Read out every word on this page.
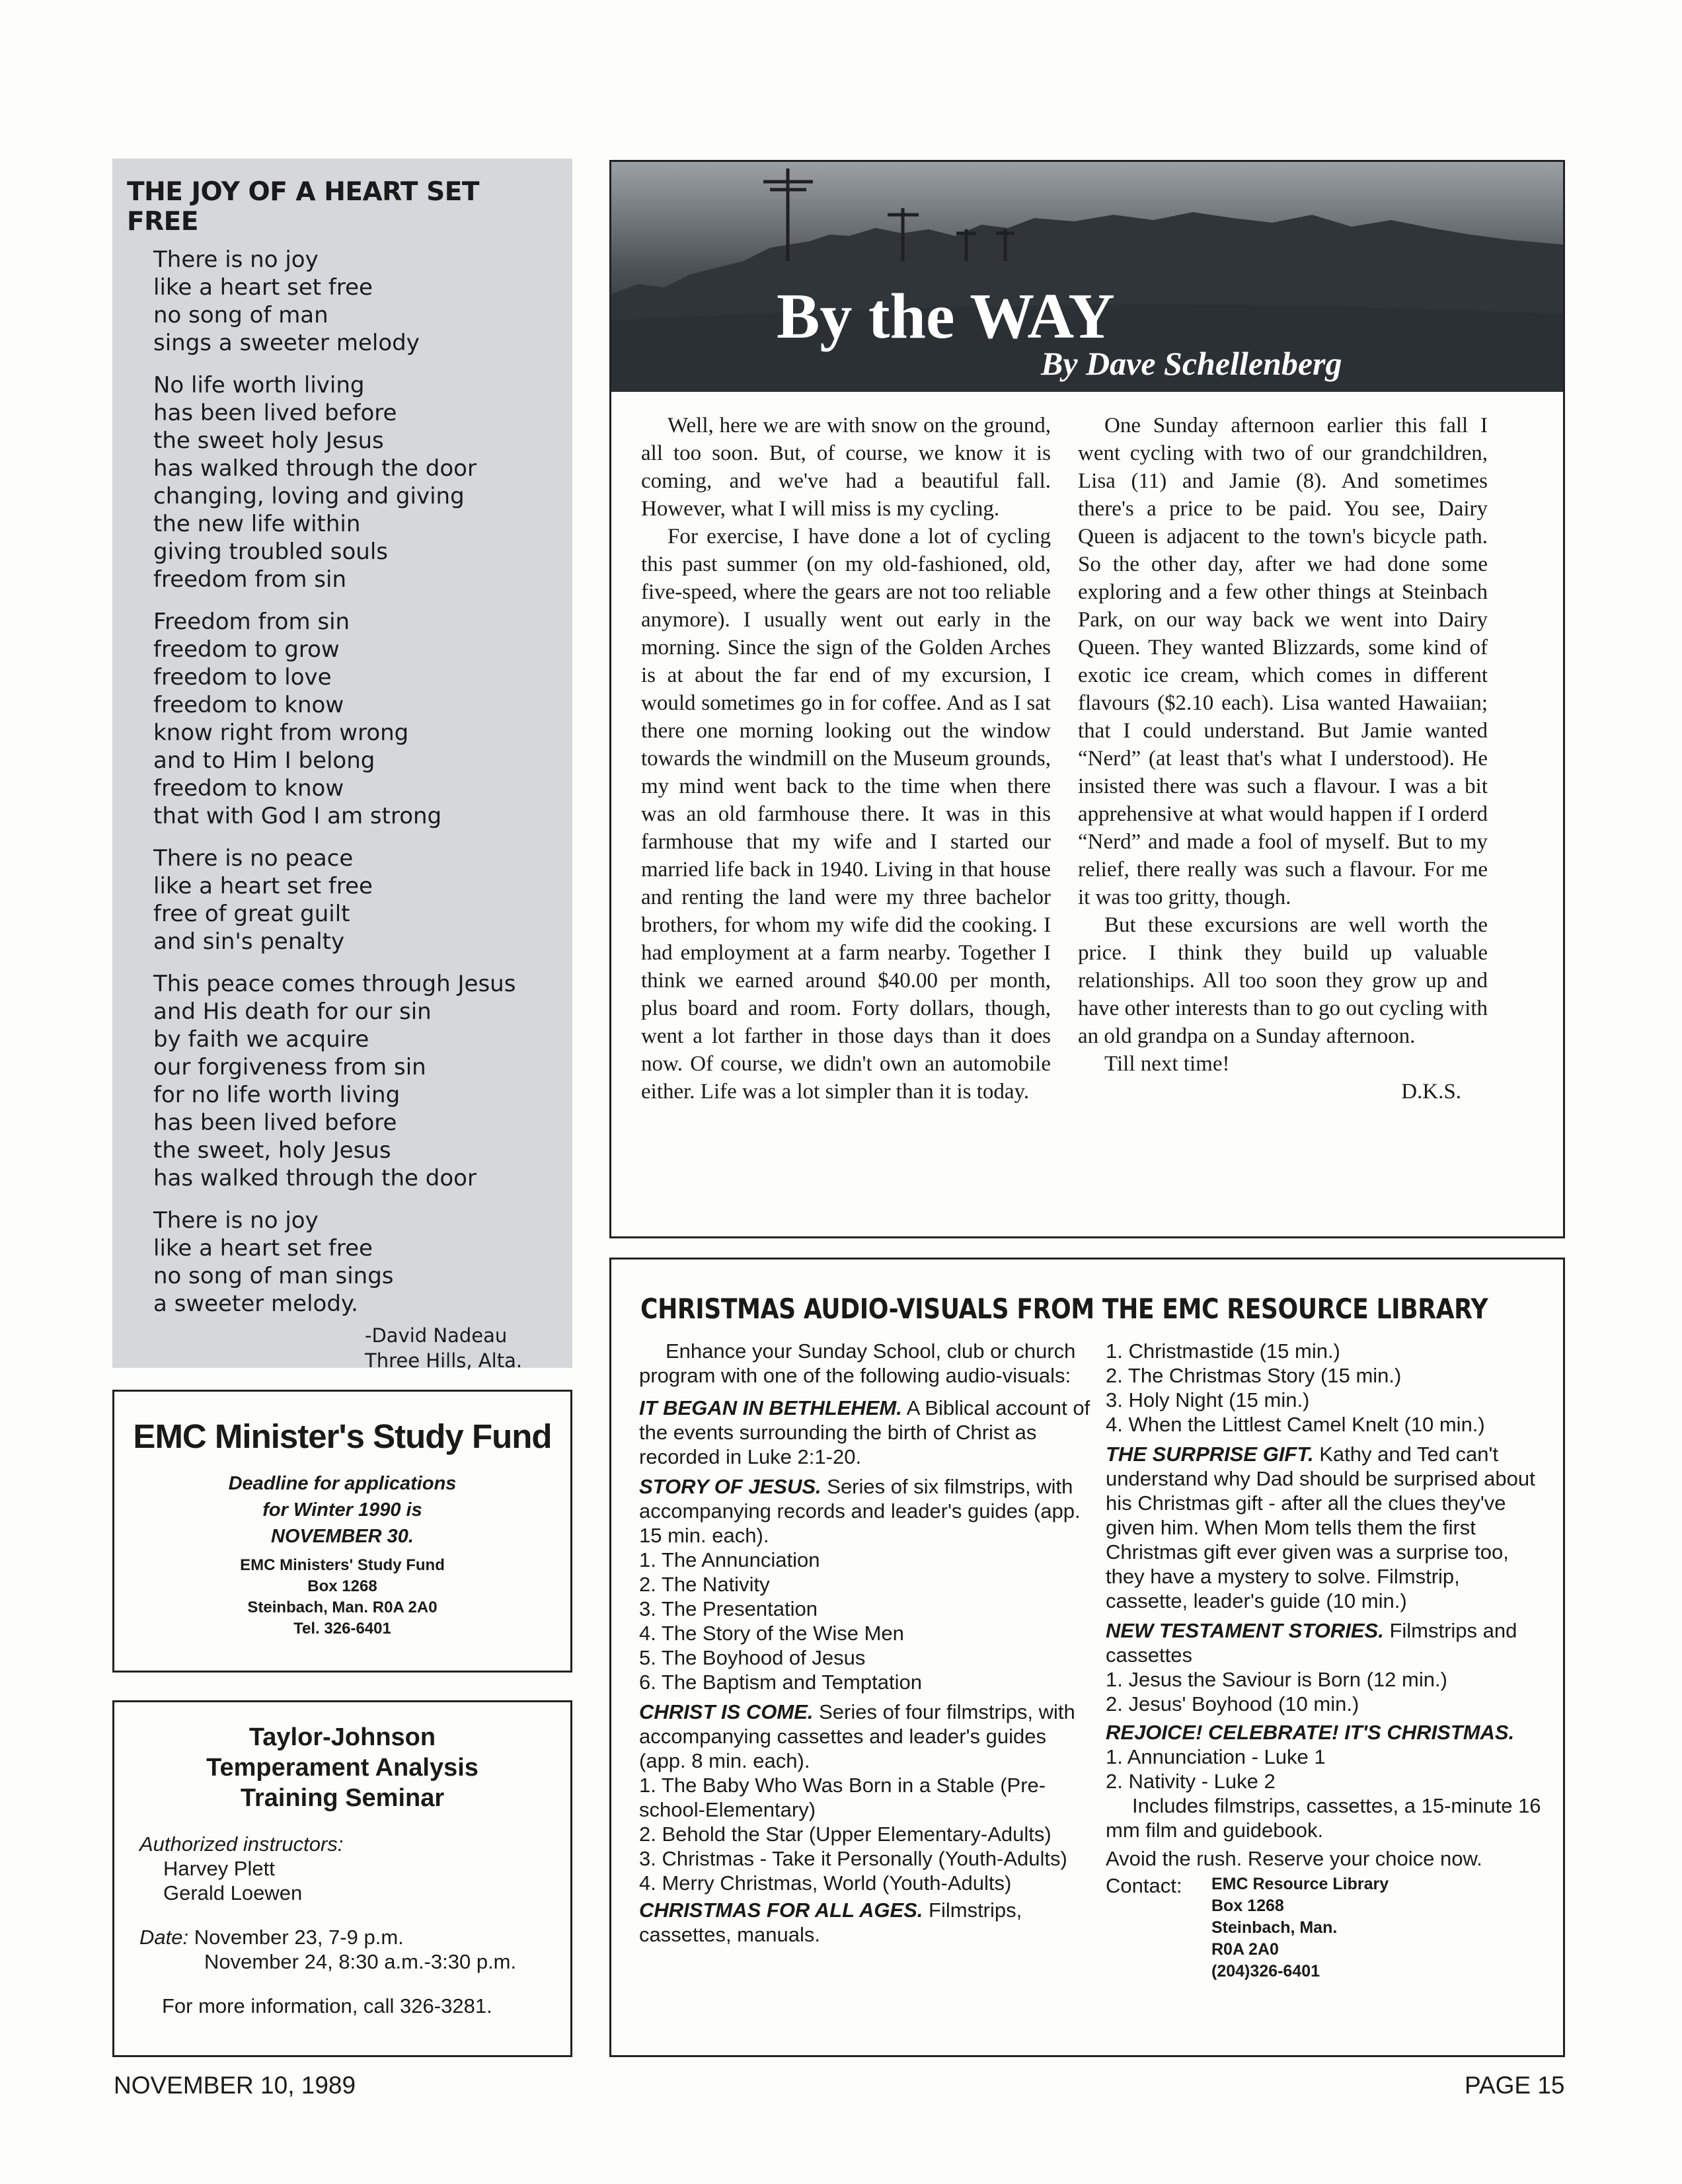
THE JOY OF A HEART SET FREE
There is no joy
like a heart set free
no song of man
sings a sweeter melody
No life worth living
has been lived before
the sweet holy Jesus
has walked through the door
changing, loving and giving
the new life within
giving troubled souls
freedom from sin
Freedom from sin
freedom to grow
freedom to love
freedom to know
know right from wrong
and to Him I belong
freedom to know
that with God I am strong
There is no peace
like a heart set free
free of great guilt
and sin's penalty
This peace comes through Jesus
and His death for our sin
by faith we acquire
our forgiveness from sin
for no life worth living
has been lived before
the sweet, holy Jesus
has walked through the door
There is no joy
like a heart set free
no song of man sings
a sweeter melody.
-David Nadeau
Three Hills, Alta.
EMC Minister's Study Fund
Deadline for applications
for Winter 1990 is
NOVEMBER 30.
EMC Ministers' Study Fund
Box 1268
Steinbach, Man. R0A 2A0
Tel. 326-6401
Taylor-Johnson
Temperament Analysis
Training Seminar
Authorized instructors:
Harvey Plett
Gerald Loewen
Date: November 23, 7-9 p.m.
November 24, 8:30 a.m.-3:30 p.m.
For more information, call 326-3281.
By the WAY
By Dave Schellenberg

Well, here we are with snow on the ground, all too soon. But, of course, we know it is coming, and we've had a beautiful fall. However, what I will miss is my cycling.

For exercise, I have done a lot of cycling this past summer (on my old-fashioned, old, five-speed, where the gears are not too reliable anymore). I usually went out early in the morning. Since the sign of the Golden Arches is at about the far end of my excursion, I would sometimes go in for coffee. And as I sat there one morning looking out the window towards the windmill on the Museum grounds, my mind went back to the time when there was an old farmhouse there. It was in this farmhouse that my wife and I started our married life back in 1940. Living in that house and renting the land were my three bachelor brothers, for whom my wife did the cooking. I had employment at a farm nearby. Together I think we earned around $40.00 per month, plus board and room. Forty dollars, though, went a lot farther in those days than it does now. Of course, we didn't own an automobile either. Life was a lot simpler than it is today.

One Sunday afternoon earlier this fall I went cycling with two of our grandchildren, Lisa (11) and Jamie (8). And sometimes there's a price to be paid. You see, Dairy Queen is adjacent to the town's bicycle path. So the other day, after we had done some exploring and a few other things at Steinbach Park, on our way back we went into Dairy Queen. They wanted Blizzards, some kind of exotic ice cream, which comes in different flavours ($2.10 each). Lisa wanted Hawaiian; that I could understand. But Jamie wanted “Nerd” (at least that's what I understood). He insisted there was such a flavour. I was a bit apprehensive at what would happen if I orderd “Nerd” and made a fool of myself. But to my relief, there really was such a flavour. For me it was too gritty, though.

But these excursions are well worth the price. I think they build up valuable relationships. All too soon they grow up and have other interests than to go out cycling with an old grandpa on a Sunday afternoon.

Till next time!

D.K.S.
CHRISTMAS AUDIO-VISUALS FROM THE EMC RESOURCE LIBRARY

Enhance your Sunday School, club or church program with one of the following audio-visuals:

IT BEGAN IN BETHLEHEM. A Biblical account of the events surrounding the birth of Christ as recorded in Luke 2:1-20.

STORY OF JESUS. Series of six filmstrips, with accompanying records and leader's guides (app. 15 min. each).

1. The Annunciation

2. The Nativity

3. The Presentation

4. The Story of the Wise Men

5. The Boyhood of Jesus

6. The Baptism and Temptation

CHRIST IS COME. Series of four filmstrips, with accompanying cassettes and leader's guides (app. 8 min. each).

1. The Baby Who Was Born in a Stable (Pre-school-Elementary)

2. Behold the Star (Upper Elementary-Adults)

3. Christmas - Take it Personally (Youth-Adults)

4. Merry Christmas, World (Youth-Adults)

CHRISTMAS FOR ALL AGES. Filmstrips, cassettes, manuals.

1. Christmastide (15 min.)

2. The Christmas Story (15 min.)

3. Holy Night (15 min.)

4. When the Littlest Camel Knelt (10 min.)

THE SURPRISE GIFT. Kathy and Ted can't understand why Dad should be surprised about his Christmas gift - after all the clues they've given him. When Mom tells them the first Christmas gift ever given was a surprise too, they have a mystery to solve. Filmstrip, cassette, leader's guide (10 min.)

NEW TESTAMENT STORIES. Filmstrips and cassettes

1. Jesus the Saviour is Born (12 min.)

2. Jesus' Boyhood (10 min.)

REJOICE! CELEBRATE! IT'S CHRISTMAS.

1. Annunciation - Luke 1

2. Nativity - Luke 2

Includes filmstrips, cassettes, a 15-minute 16 mm film and guidebook.

Avoid the rush. Reserve your choice now.

Contact:	EMC Resource Library
Box 1268
Steinbach, Man.
R0A 2A0
(204)326-6401
NOVEMBER 10, 1989	PAGE 15
